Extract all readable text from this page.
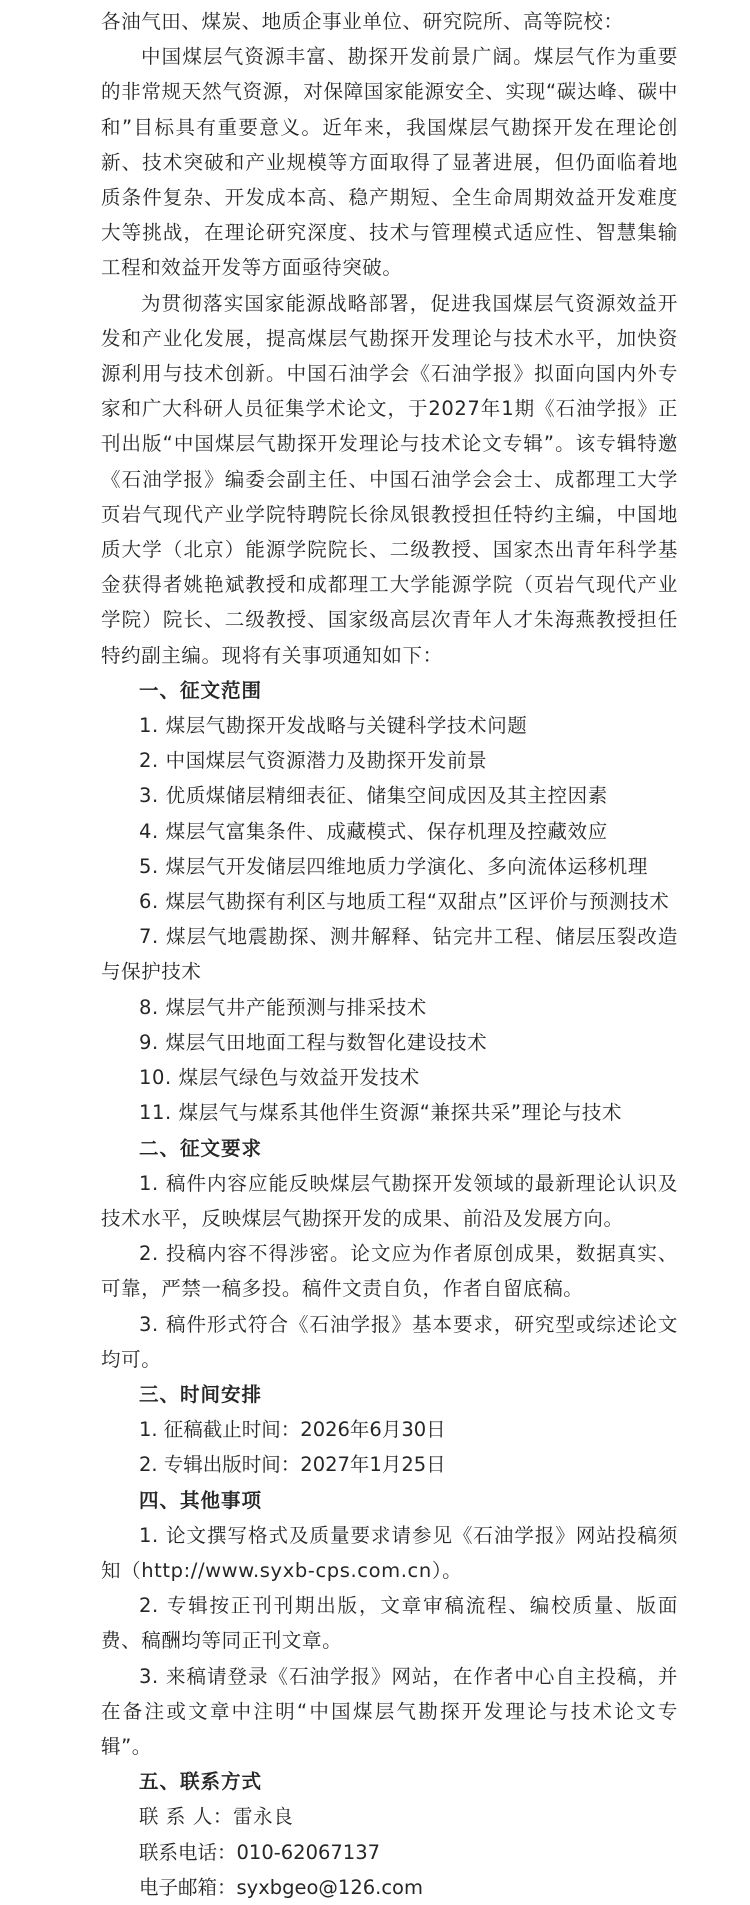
各油气田、煤炭、地质企事业单位、研究院所、高等院校：

中国煤层气资源丰富、勘探开发前景广阔。煤层气作为重要的非常规天然气资源，对保障国家能源安全、实现“碳达峰、碳中和”目标具有重要意义。近年来，我国煤层气勘探开发在理论创新、技术突破和产业规模等方面取得了显著进展，但仍面临着地质条件复杂、开发成本高、稳产期短、全生命周期效益开发难度大等挑战，在理论研究深度、技术与管理模式适应性、智慧集输工程和效益开发等方面亟待突破。

为贯彻落实国家能源战略部署，促进我国煤层气资源效益开发和产业化发展，提高煤层气勘探开发理论与技术水平，加快资源利用与技术创新。中国石油学会《石油学报》拟面向国内外专家和广大科研人员征集学术论文，于2027年1期《石油学报》正刊出版“中国煤层气勘探开发理论与技术论文专辑”。该专辑特邀《石油学报》编委会副主任、中国石油学会会士、成都理工大学页岩气现代产业学院特聘院长徐凤银教授担任特约主编，中国地质大学（北京）能源学院院长、二级教授、国家杰出青年科学基金获得者姚艳斌教授和成都理工大学能源学院（页岩气现代产业学院）院长、二级教授、国家级高层次青年人才朱海燕教授担任特约副主编。现将有关事项通知如下：

一、征文范围

1. 煤层气勘探开发战略与关键科学技术问题

2. 中国煤层气资源潜力及勘探开发前景

3. 优质煤储层精细表征、储集空间成因及其主控因素

4. 煤层气富集条件、成藏模式、保存机理及控藏效应

5. 煤层气开发储层四维地质力学演化、多向流体运移机理

6. 煤层气勘探有利区与地质工程“双甜点”区评价与预测技术

7. 煤层气地震勘探、测井解释、钻完井工程、储层压裂改造与保护技术

8. 煤层气井产能预测与排采技术

9. 煤层气田地面工程与数智化建设技术

10. 煤层气绿色与效益开发技术

11. 煤层气与煤系其他伴生资源“兼探共采”理论与技术

二、征文要求

1. 稿件内容应能反映煤层气勘探开发领域的最新理论认识及技术水平，反映煤层气勘探开发的成果、前沿及发展方向。

2. 投稿内容不得涉密。论文应为作者原创成果，数据真实、可靠，严禁一稿多投。稿件文责自负，作者自留底稿。

3. 稿件形式符合《石油学报》基本要求，研究型或综述论文均可。

三、时间安排

1. 征稿截止时间：2026年6月30日

2. 专辑出版时间：2027年1月25日

四、其他事项

1. 论文撰写格式及质量要求请参见《石油学报》网站投稿须知（http://www.syxb-cps.com.cn）。

2. 专辑按正刊刊期出版，文章审稿流程、编校质量、版面费、稿酬均等同正刊文章。

3. 来稿请登录《石油学报》网站，在作者中心自主投稿，并在备注或文章中注明“中国煤层气勘探开发理论与技术论文专辑”。

五、联系方式

联 系 人：雷永良

联系电话：010-62067137

电子邮箱：syxbgeo@126.com
